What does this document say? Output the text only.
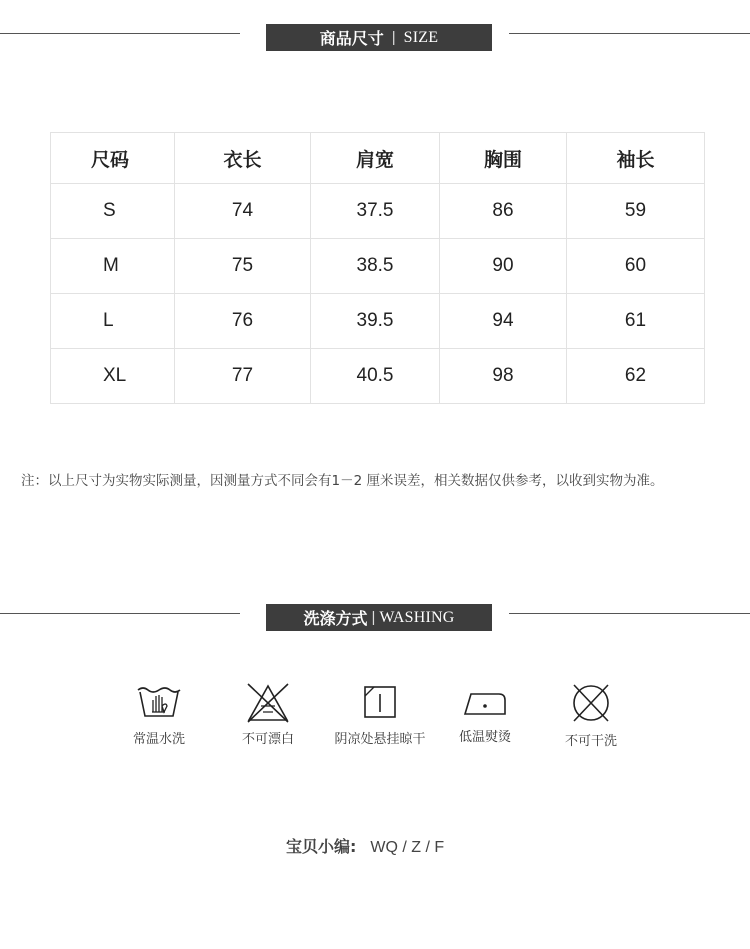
商品尺寸 | SIZE
尺码	衣长	肩宽	胸围	袖长
S	74	37.5	86	59
M	75	38.5	90	60
L	76	39.5	94	61
XL	77	40.5	98	62
注：以上尺寸为实物实际测量，因测量方式不同会有1－2 厘米误差，相关数据仅供参考，以收到实物为准。
洗涤方式 | WASHING
常温水洗	不可漂白	阴凉处悬挂晾干	低温熨烫	不可干洗
宝贝小编: WQ / Z / F
